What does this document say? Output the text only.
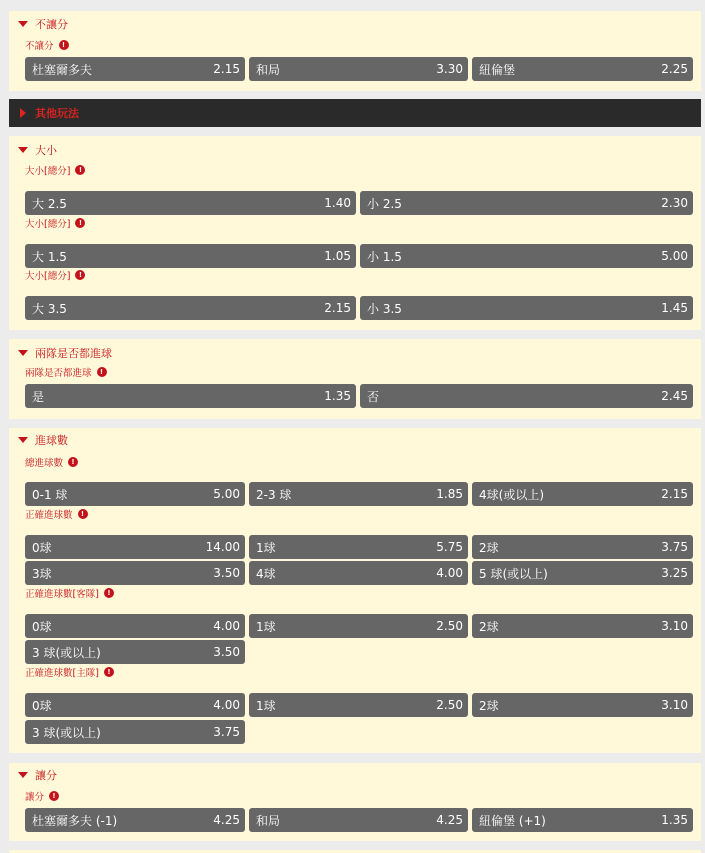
不讓分
不讓分	!
杜塞爾多夫	2.15 和局	3.30 紐倫堡	2.25
其他玩法
大小
大小[總分]	!
大 2.5	1.40 小 2.5	2.30
大小[總分]	!
大 1.5	1.05 小 1.5	5.00
大小[總分]	!
大 3.5	2.15 小 3.5	1.45
兩隊是否都進球
兩隊是否都進球	!
是	1.35 否	2.45
進球數
總進球數	!
0-1 球	5.00 2-3 球	1.85 4球(或以上)	2.15
正確進球數	!
0球	14.00 1球	5.75 2球	3.75
3球	3.50 4球	4.00 5 球(或以上)	3.25
正確進球數[客隊]	!
0球	4.00 1球	2.50 2球	3.10
3 球(或以上)	3.50
正確進球數[主隊]	!
0球	4.00 1球	2.50 2球	3.10
3 球(或以上)	3.75
讓分
讓分	!
杜塞爾多夫 (-1)	4.25 和局	4.25 紐倫堡 (+1)	1.35
